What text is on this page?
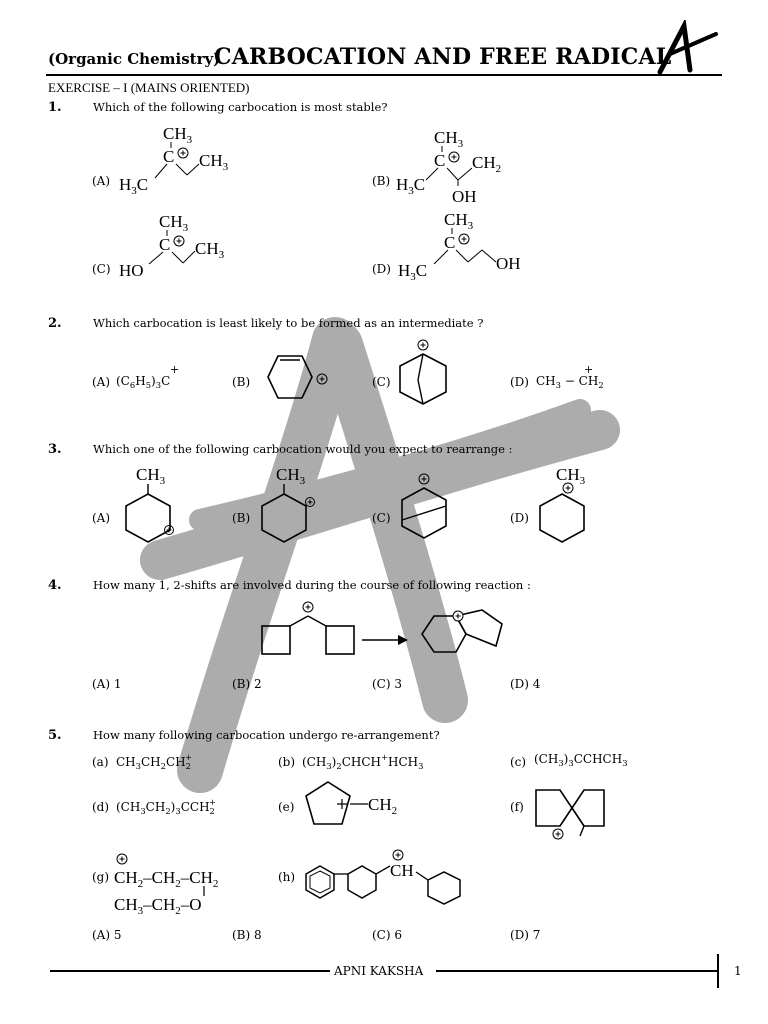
(Organic Chemistry)
CARBOCATION AND FREE RADICAL
EXERCISE – I (MAINS ORIENTED)
1.	Which of the following carbocation is most stable?
(A)
$CH_3$
C $CH_3$
$H_3C$	(B)
$CH_3$
C $CH_2$
OH
$H_3C$
(C)
$CH_3$
C $CH_3$
HO	(D)
$CH_3$
C
OH
$H_3C$
2.	Which carbocation is least likely to be formed as an intermediate ?
(A)
+
$(C_6H_5)_3C$	(B)	(C)	(D)
+
$CH_3 - CH_2$
3.	Which one of the following carbocation would you expect to rearrange :
(A)
$CH_3$
(B)
$CH_3$
(C)	(D)
$CH_3$
4.	How many 1, 2-shifts are involved during the course of following reaction :
(A) 1	(B) 2	(C) 3	(D) 4
5.	How many following carbocation undergo re-arrangement?
(a) $CH_3CH_2CH_2^+$	(b) $(CH_3)_2CHCH^+HCH_3$	(c) $(CH_3)_3CCHCH_3$
(d) $(CH_3CH_2)_3CCH_2^+$	(e)	$CH_2$	(f)
(g) $CH_2-CH_2-CH_2$
$CH_3-CH_2-O$
(h)	CH
(A) 5	(B) 8	(C) 6	(D) 7
APNI KAKSHA	1
